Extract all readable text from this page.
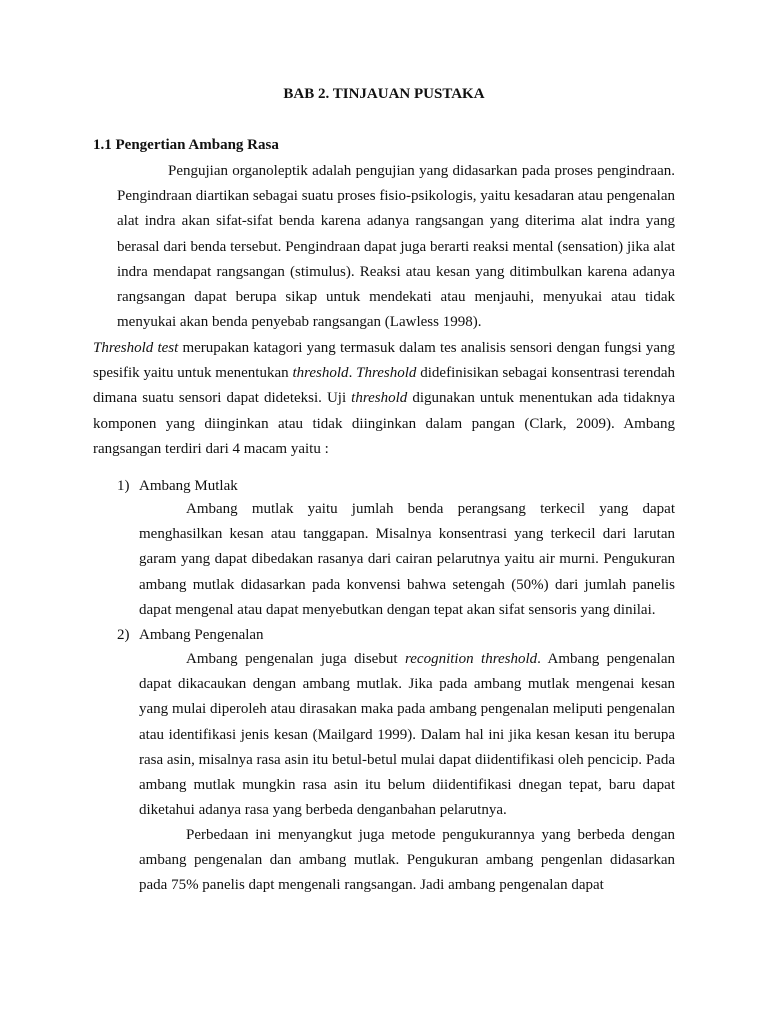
BAB 2. TINJAUAN PUSTAKA
1.1 Pengertian Ambang Rasa

Pengujian organoleptik adalah pengujian yang didasarkan pada proses pengindraan. Pengindraan diartikan sebagai suatu proses fisio-psikologis, yaitu kesadaran atau pengenalan alat indra akan sifat-sifat benda karena adanya rangsangan yang diterima alat indra yang berasal dari benda tersebut. Pengindraan dapat juga berarti reaksi mental (sensation) jika alat indra mendapat rangsangan (stimulus). Reaksi atau kesan yang ditimbulkan karena adanya rangsangan dapat berupa sikap untuk mendekati atau menjauhi, menyukai atau tidak menyukai akan benda penyebab rangsangan (Lawless 1998).

Threshold test merupakan katagori yang termasuk dalam tes analisis sensori dengan fungsi yang spesifik yaitu untuk menentukan threshold. Threshold didefinisikan sebagai konsentrasi terendah dimana suatu sensori dapat dideteksi. Uji threshold digunakan untuk menentukan ada tidaknya komponen yang diinginkan atau tidak diinginkan dalam pangan (Clark, 2009). Ambang rangsangan terdiri dari 4 macam yaitu :

1) Ambang Mutlak

Ambang mutlak yaitu jumlah benda perangsang terkecil yang dapat menghasilkan kesan atau tanggapan. Misalnya konsentrasi yang terkecil dari larutan garam yang dapat dibedakan rasanya dari cairan pelarutnya yaitu air murni. Pengukuran ambang mutlak didasarkan pada konvensi bahwa setengah (50%) dari jumlah panelis dapat mengenal atau dapat menyebutkan dengan tepat akan sifat sensoris yang dinilai.

2) Ambang Pengenalan

Ambang pengenalan juga disebut recognition threshold. Ambang pengenalan dapat dikacaukan dengan ambang mutlak. Jika pada ambang mutlak mengenai kesan yang mulai diperoleh atau dirasakan maka pada ambang pengenalan meliputi pengenalan atau identifikasi jenis kesan (Mailgard 1999). Dalam hal ini jika kesan kesan itu berupa rasa asin, misalnya rasa asin itu betul-betul mulai dapat diidentifikasi oleh pencicip. Pada ambang mutlak mungkin rasa asin itu belum diidentifikasi dnegan tepat, baru dapat diketahui adanya rasa yang berbeda denganbahan pelarutnya.

Perbedaan ini menyangkut juga metode pengukurannya yang berbeda dengan ambang pengenalan dan ambang mutlak. Pengukuran ambang pengenlan didasarkan pada 75% panelis dapt mengenali rangsangan. Jadi ambang pengenalan dapat
